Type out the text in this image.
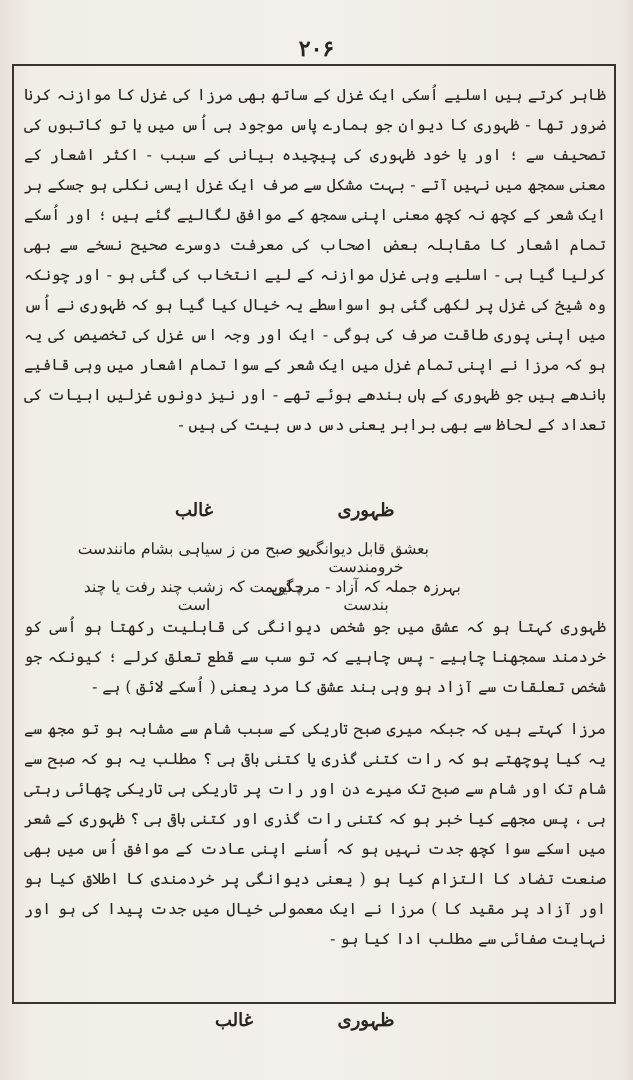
۲۰۶

ظاہر کرتے ہیں اسلیے اُسکی ایک غزل کے ساتھ بھی مرزا کی غزل کا موازنہ کرنا ضرور تھا - ظہوری کا دیوان جو ہمارے پاس موجود ہی اُس میں یا تو کاتبوں کی تصحیف سے ؛ اور یا خود ظہوری کی پیچیدہ بیانی کے سبب - اکثر اشعار کے معنی سمجھ میں نہیں آتے - بہت مشکل سے صرف ایک غزل ایسی نکلی ہو جسکے ہر ایک شعر کے کچھ نہ کچھ معنی اپنی سمجھ کے موافق لگالیے گئے ہیں ؛ اور اُسکے تمام اشعار کا مقابلہ بعض اصحاب کی معرفت دوسرے صحیح نسخے سے بھی کرلیا گیا ہی - اسلیے وہی غزل موازنہ کے لیے انتخاب کی گئی ہو - اور چونکہ وہ شیخ کی غزل پر لکھی گئی ہو اسواسطے یہ خیال کیا گیا ہو کہ ظہوری نے اُس میں اپنی پوری طاقت صرف کی ہوگی - ایک اور وجہ اس غزل کی تخصیص کی یہ ہو کہ مرزا نے اپنی تمام غزل میں ایک شعر کے سوا تمام اشعار میں وہی قافیے باندھے ہیں جو ظہوری کے ہاں بندھے ہوئے تھے - اور نیز دونوں غزلیں ابیات کی تعداد کے لحاظ سے بھی برابر یعنی دس دس بیت کی ہیں -

ظہوری
غالب
بعشق قابل دیوانگی خرومندست
بو صبح من ز سیاہی بشام مانندست
بہرزہ جملہ کہ آزاد - مرد ایں بندست
چگویمت کہ زشب چند رفت یا چند است

ظہوری کہتا ہو کہ عشق میں جو شخص دیوانگی کی قابلیت رکھتا ہو اُسی کو خردمند سمجھنا چاہیے - پس چاہیے کہ تو سب سے قطع تعلق کرلے ؛ کیونکہ جو شخص تعلقات سے آزاد ہو وہی بند عشق کا مرد یعنی ( اُسکے لائق ) ہے -

مرزا کہتے ہیں کہ جبکہ میری صبح تاریکی کے سبب شام سے مشابہ ہو تو مجھ سے یہ کیا پوچھتے ہو کہ رات کتنی گذری یا کتنی باقی ہی ؟ مطلب یہ ہو کہ صبح سے شام تک اور شام سے صبح تک میرے دن اور رات پر تاریکی ہی تاریکی چھائی رہتی ہی ، پس مجھے کیا خبر ہو کہ کتنی رات گذری اور کتنی باقی ہی ؟ ظہوری کے شعر میں اسکے سوا کچھ جدت نہیں ہو کہ اُسنے اپنی عادت کے موافق اُس میں بھی صنعت تضاد کا التزام کیا ہو ( یعنی دیوانگی پر خردمندی کا اطلاق کیا ہو اور آزاد پر مقید کا ) مرزا نے ایک معمولی خیال میں جدت پیدا کی ہو اور نہایت صفائی سے مطلب ادا کیا ہو -

ظہوری
غالب
